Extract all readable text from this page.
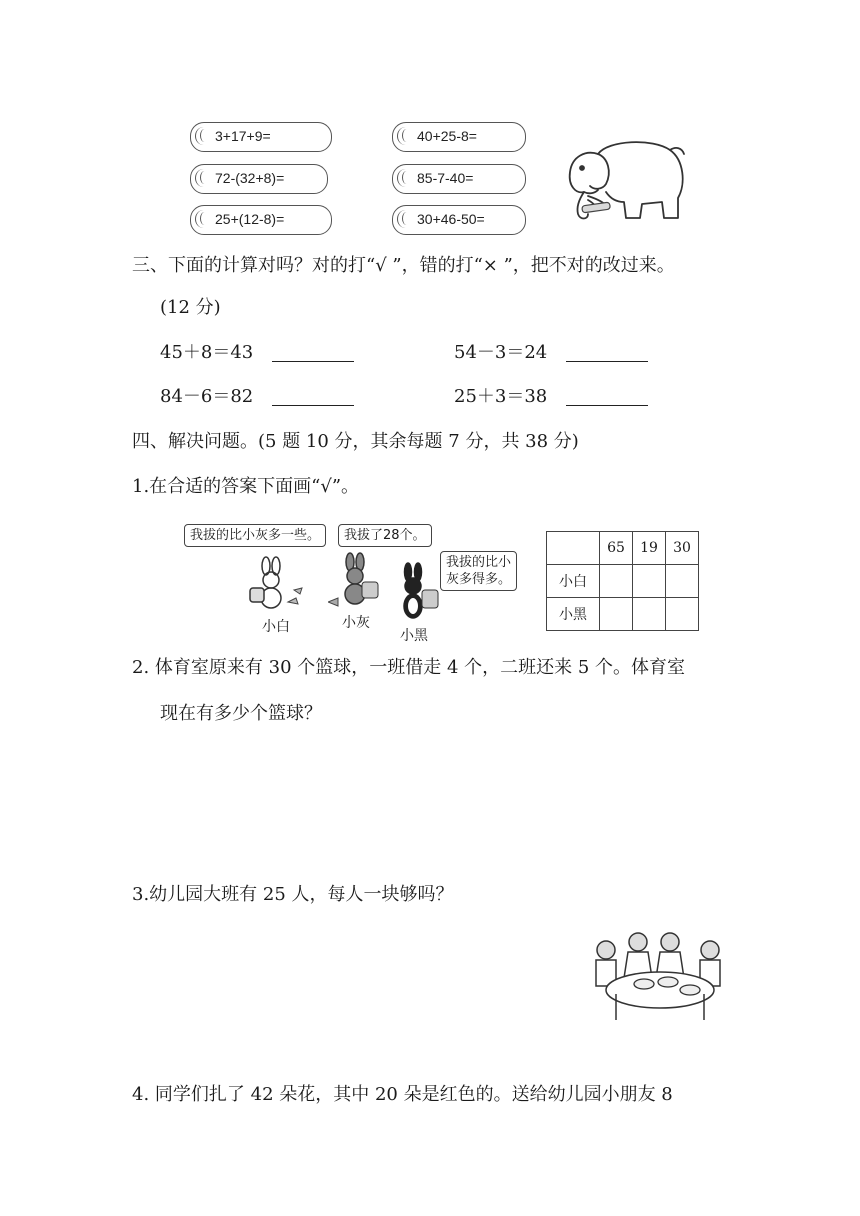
3+17+9=	40+25-8=
72-(32+8)=	85-7-40=
25+(12-8)=	30+46-50=
三、下面的计算对吗？对的打“√ ”，错的打“× ”，把不对的改过来。
(12 分)
45＋8＝43	54－3＝24
84－6＝82	25＋3＝38
四、解决问题。(5 题 10 分，其余每题 7 分，共 38 分)
1.在合适的答案下面画“√”。
我拔的比小灰多一些。	我拔了28个。
我拔的比小
灰多得多。
小白	小灰
小黑
	65	19	30
小白			
小黑			
2. 体育室原来有 30 个篮球，一班借走 4 个，二班还来 5 个。体育室
现在有多少个篮球？
3.幼儿园大班有 25 人，每人一块够吗？
4. 同学们扎了 42 朵花，其中 20 朵是红色的。送给幼儿园小朋友 8
